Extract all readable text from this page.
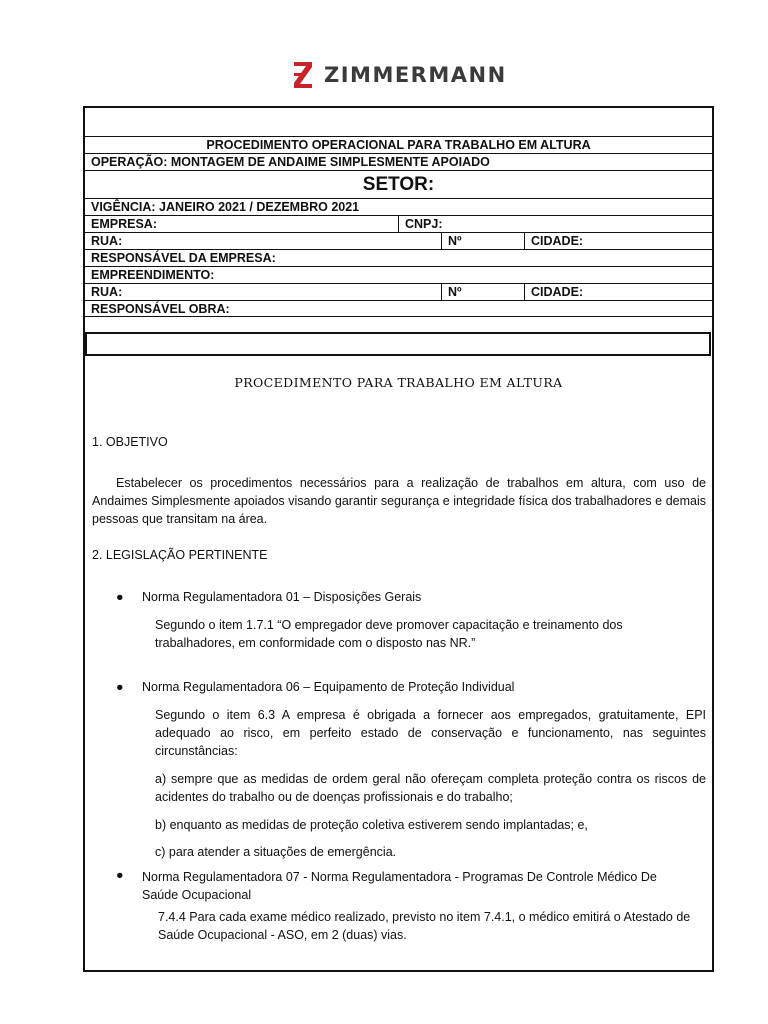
ZIMMERMANN
PROCEDIMENTO OPERACIONAL PARA TRABALHO EM ALTURA
OPERAÇÃO: MONTAGEM DE ANDAIME SIMPLESMENTE APOIADO
SETOR:
VIGÊNCIA: JANEIRO 2021 / DEZEMBRO 2021
EMPRESA:	CNPJ:
RUA:	Nº	CIDADE:
RESPONSÁVEL DA EMPRESA:
EMPREENDIMENTO:
RUA:	Nº	CIDADE:
RESPONSÁVEL OBRA:
PROCEDIMENTO PARA TRABALHO EM ALTURA
1. OBJETIVO
Estabelecer os procedimentos necessários para a realização de trabalhos em altura, com uso de Andaimes Simplesmente apoiados visando garantir segurança e integridade física dos trabalhadores e demais pessoas que transitam na área.
2. LEGISLAÇÃO PERTINENTE
● Norma Regulamentadora 01 – Disposições Gerais
Segundo o item 1.7.1 “O empregador deve promover capacitação e treinamento dos trabalhadores, em conformidade com o disposto nas NR.”
● Norma Regulamentadora 06 – Equipamento de Proteção Individual
Segundo o item 6.3 A empresa é obrigada a fornecer aos empregados, gratuitamente, EPI adequado ao risco, em perfeito estado de conservação e funcionamento, nas seguintes circunstâncias:
a) sempre que as medidas de ordem geral não ofereçam completa proteção contra os riscos de acidentes do trabalho ou de doenças profissionais e do trabalho;
b) enquanto as medidas de proteção coletiva estiverem sendo implantadas; e,
c) para atender a situações de emergência.
● Norma Regulamentadora 07 - Norma Regulamentadora - Programas De Controle Médico De Saúde Ocupacional
7.4.4 Para cada exame médico realizado, previsto no item 7.4.1, o médico emitirá o Atestado de Saúde Ocupacional - ASO, em 2 (duas) vias.
